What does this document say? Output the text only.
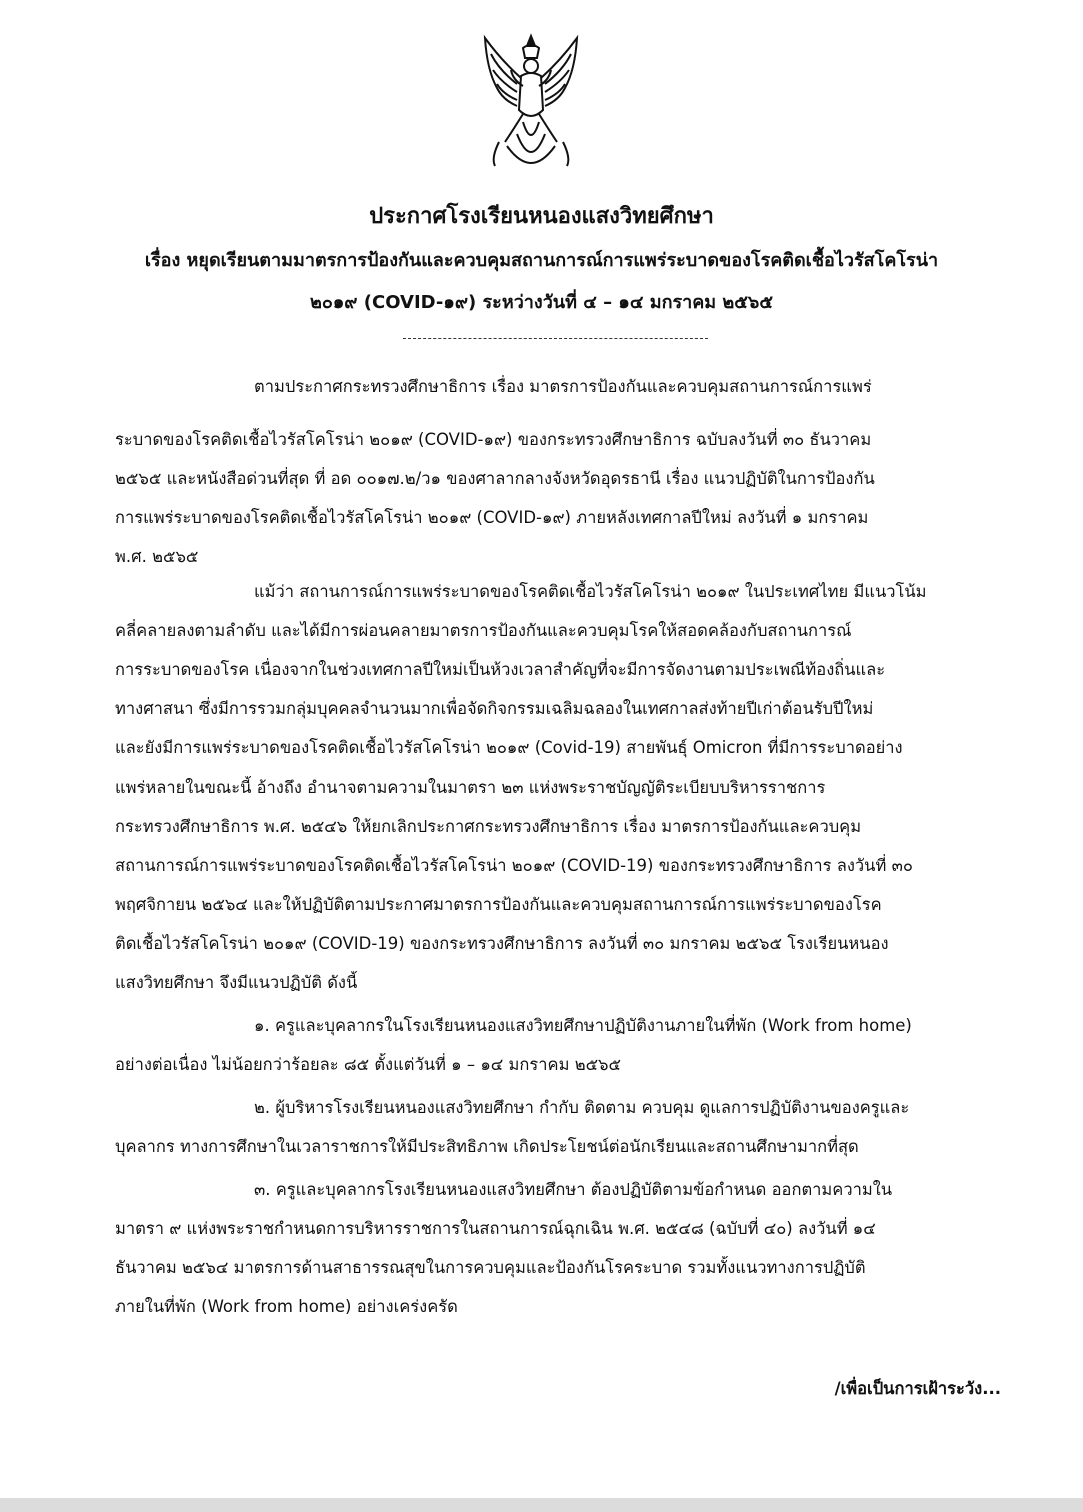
ประกาศโรงเรียนหนองแสงวิทยศึกษา
เรื่อง หยุดเรียนตามมาตรการป้องกันและควบคุมสถานการณ์การแพร่ระบาดของโรคติดเชื้อไวรัสโคโรน่า
๒๐๑๙ (COVID-๑๙) ระหว่างวันที่ ๔ – ๑๔ มกราคม ๒๕๖๕
ตามประกาศกระทรวงศึกษาธิการ เรื่อง มาตรการป้องกันและควบคุมสถานการณ์การแพร่
ระบาดของโรคติดเชื้อไวรัสโคโรน่า ๒๐๑๙ (COVID-๑๙) ของกระทรวงศึกษาธิการ ฉบับลงวันที่ ๓๐ ธันวาคม
๒๕๖๕ และหนังสือด่วนที่สุด ที่ อด ๐๐๑๗.๒/ว๑ ของศาลากลางจังหวัดอุดรธานี เรื่อง แนวปฏิบัติในการป้องกัน
การแพร่ระบาดของโรคติดเชื้อไวรัสโคโรน่า ๒๐๑๙ (COVID-๑๙) ภายหลังเทศกาลปีใหม่ ลงวันที่ ๑ มกราคม
พ.ศ. ๒๕๖๕
แม้ว่า สถานการณ์การแพร่ระบาดของโรคติดเชื้อไวรัสโคโรน่า ๒๐๑๙ ในประเทศไทย มีแนวโน้ม
คลี่คลายลงตามลำดับ และได้มีการผ่อนคลายมาตรการป้องกันและควบคุมโรคให้สอดคล้องกับสถานการณ์
การระบาดของโรค เนื่องจากในช่วงเทศกาลปีใหม่เป็นห้วงเวลาสำคัญที่จะมีการจัดงานตามประเพณีท้องถิ่นและ
ทางศาสนา ซึ่งมีการรวมกลุ่มบุคคลจำนวนมากเพื่อจัดกิจกรรมเฉลิมฉลองในเทศกาลส่งท้ายปีเก่าต้อนรับปีใหม่
และยังมีการแพร่ระบาดของโรคติดเชื้อไวรัสโคโรน่า ๒๐๑๙ (Covid-19) สายพันธุ์ Omicron ที่มีการระบาดอย่าง
แพร่หลายในขณะนี้ อ้างถึง อำนาจตามความในมาตรา ๒๓ แห่งพระราชบัญญัติระเบียบบริหารราชการ
กระทรวงศึกษาธิการ พ.ศ. ๒๕๔๖ ให้ยกเลิกประกาศกระทรวงศึกษาธิการ เรื่อง มาตรการป้องกันและควบคุม
สถานการณ์การแพร่ระบาดของโรคติดเชื้อไวรัสโคโรน่า ๒๐๑๙ (COVID-19) ของกระทรวงศึกษาธิการ ลงวันที่ ๓๐
พฤศจิกายน ๒๕๖๔ และให้ปฏิบัติตามประกาศมาตรการป้องกันและควบคุมสถานการณ์การแพร่ระบาดของโรค
ติดเชื้อไวรัสโคโรน่า ๒๐๑๙ (COVID-19) ของกระทรวงศึกษาธิการ ลงวันที่ ๓๐ มกราคม ๒๕๖๕ โรงเรียนหนอง
แสงวิทยศึกษา จึงมีแนวปฏิบัติ ดังนี้
๑. ครูและบุคลากรในโรงเรียนหนองแสงวิทยศึกษาปฏิบัติงานภายในที่พัก (Work from home)
อย่างต่อเนื่อง ไม่น้อยกว่าร้อยละ ๘๕ ตั้งแต่วันที่ ๑ – ๑๔ มกราคม ๒๕๖๕
๒. ผู้บริหารโรงเรียนหนองแสงวิทยศึกษา กำกับ ติดตาม ควบคุม ดูแลการปฏิบัติงานของครูและ
บุคลากร ทางการศึกษาในเวลาราชการให้มีประสิทธิภาพ เกิดประโยชน์ต่อนักเรียนและสถานศึกษามากที่สุด
๓. ครูและบุคลากรโรงเรียนหนองแสงวิทยศึกษา ต้องปฏิบัติตามข้อกำหนด ออกตามความใน
มาตรา ๙ แห่งพระราชกำหนดการบริหารราชการในสถานการณ์ฉุกเฉิน พ.ศ. ๒๕๔๘ (ฉบับที่ ๔๐) ลงวันที่ ๑๔
ธันวาคม ๒๕๖๔ มาตรการด้านสาธารรณสุขในการควบคุมและป้องกันโรคระบาด รวมทั้งแนวทางการปฏิบัติ
ภายในที่พัก (Work from home) อย่างเคร่งครัด
/เพื่อเป็นการเฝ้าระวัง...
